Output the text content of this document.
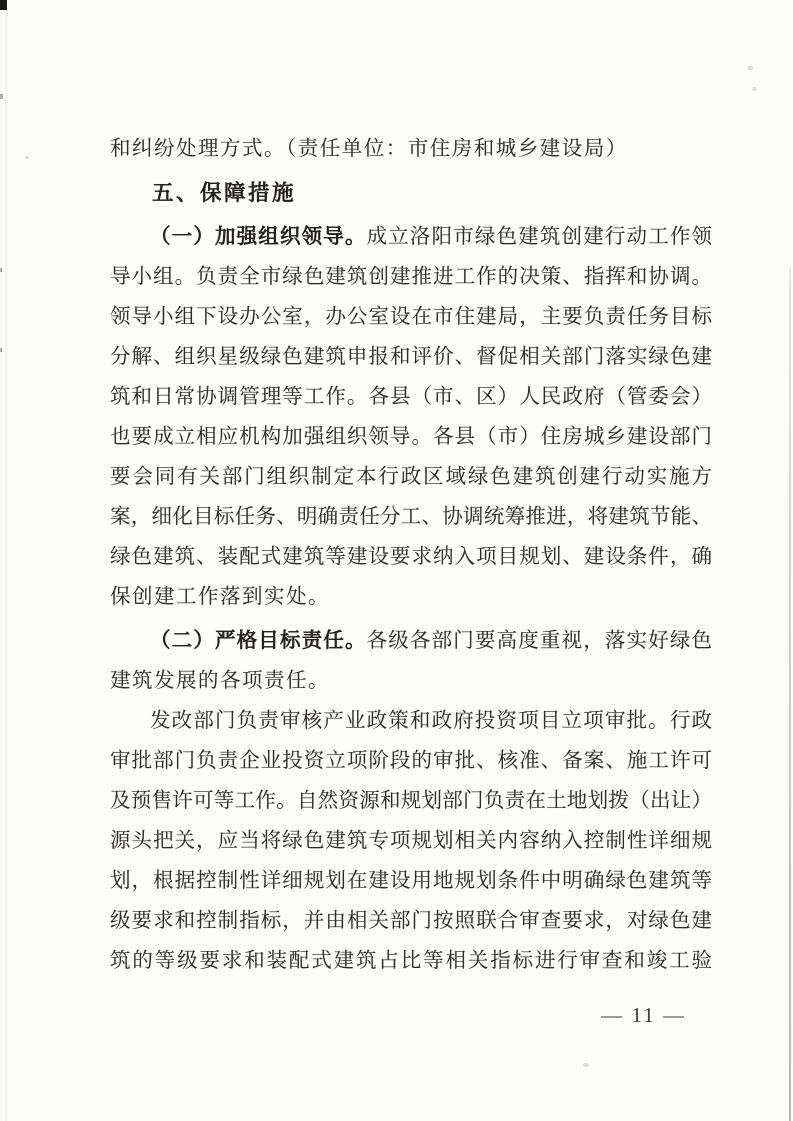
和纠纷处理方式。（责任单位：市住房和城乡建设局）
五、保障措施
（一）加强组织领导。成立洛阳市绿色建筑创建行动工作领
导小组。负责全市绿色建筑创建推进工作的决策、指挥和协调。
领导小组下设办公室，办公室设在市住建局，主要负责任务目标
分解、组织星级绿色建筑申报和评价、督促相关部门落实绿色建
筑和日常协调管理等工作。各县（市、区）人民政府（管委会）
也要成立相应机构加强组织领导。各县（市）住房城乡建设部门
要会同有关部门组织制定本行政区域绿色建筑创建行动实施方
案，细化目标任务、明确责任分工、协调统筹推进，将建筑节能、
绿色建筑、装配式建筑等建设要求纳入项目规划、建设条件，确
保创建工作落到实处。
（二）严格目标责任。各级各部门要高度重视，落实好绿色
建筑发展的各项责任。
发改部门负责审核产业政策和政府投资项目立项审批。行政
审批部门负责企业投资立项阶段的审批、核准、备案、施工许可
及预售许可等工作。自然资源和规划部门负责在土地划拨（出让）
源头把关，应当将绿色建筑专项规划相关内容纳入控制性详细规
划，根据控制性详细规划在建设用地规划条件中明确绿色建筑等
级要求和控制指标，并由相关部门按照联合审查要求，对绿色建
筑的等级要求和装配式建筑占比等相关指标进行审查和竣工验
— 11 —
